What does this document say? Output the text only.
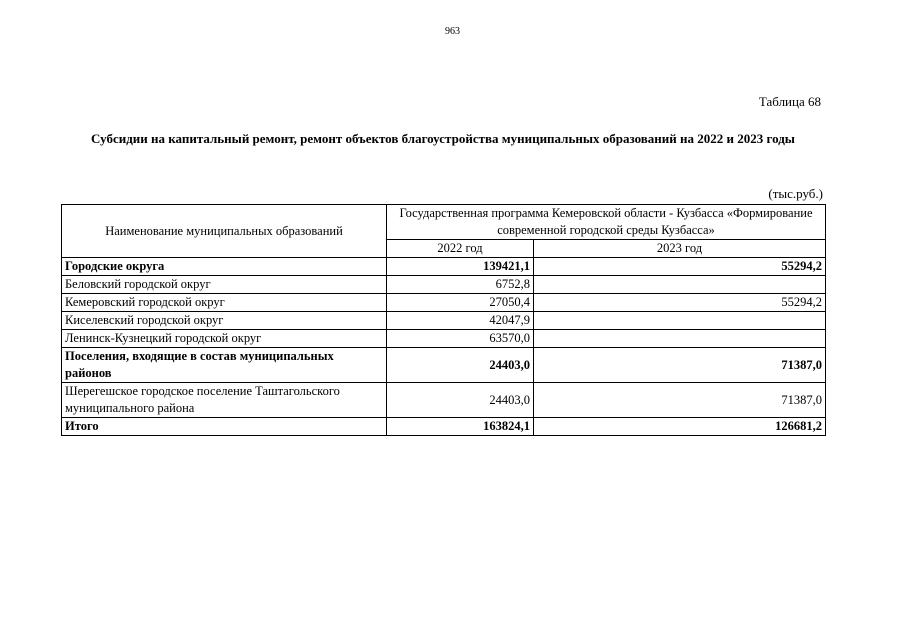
963
Таблица 68
Субсидии на капитальный ремонт, ремонт объектов благоустройства муниципальных образований на 2022 и 2023 годы
(тыс.руб.)
Наименование муниципальных образований	Государственная программа Кемеровской области - Кузбасса «Формирование современной городской среды Кузбасса»	
	2022 год	2023 год
Городские округа	139421,1	55294,2
Беловский городской округ	6752,8	
Кемеровский городской округ	27050,4	55294,2
Киселевский городской округ	42047,9	
Ленинск-Кузнецкий городской округ	63570,0	
Поселения, входящие в состав муниципальных районов	24403,0	71387,0
Шерегешское городское поселение Таштагольского муниципального района	24403,0	71387,0
Итого	163824,1	126681,2
